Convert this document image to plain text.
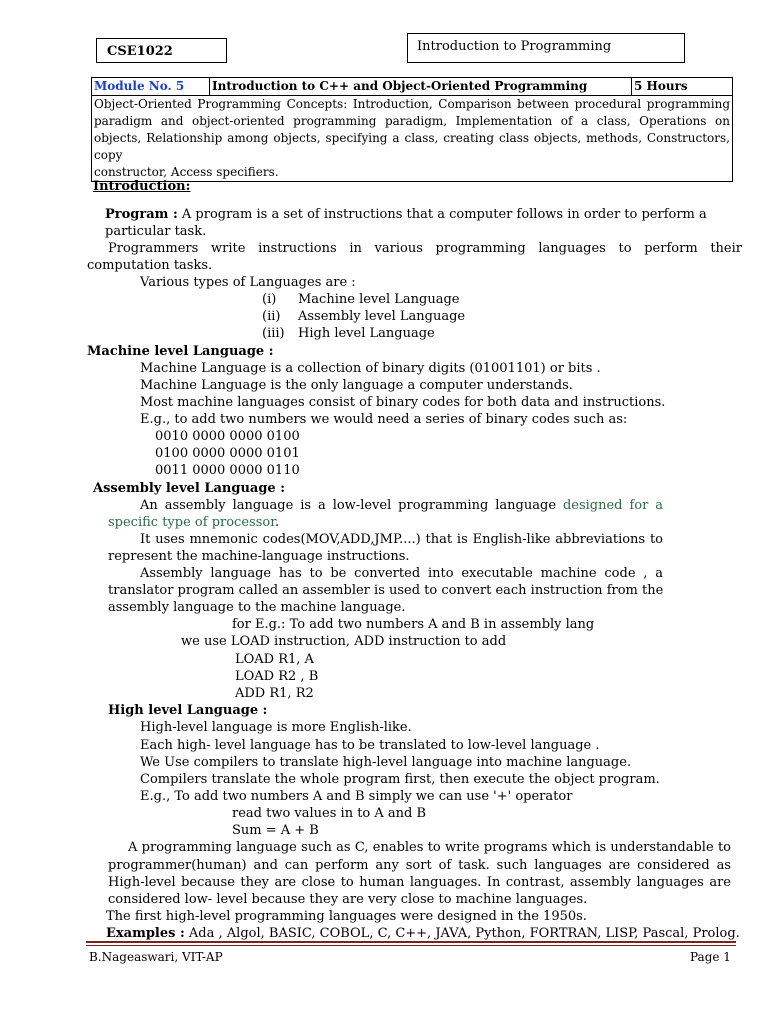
CSE1022	Introduction to Programming
Module No. 5	Introduction to C++ and Object-Oriented Programming	5 Hours
Object-Oriented Programming Concepts: Introduction, Comparison between procedural programming paradigm and object-oriented programming paradigm, Implementation of a class, Operations on objects, Relationship among objects, specifying a class, creating class objects, methods, Constructors, copy
constructor, Access specifiers.
Introduction:
Program : A program is a set of instructions that a computer follows in order to perform a
particular task.
Programmers write instructions in various programming languages to perform their
computation tasks.
Various types of Languages are :
(i) Machine level Language
(ii) Assembly level Language
(iii) High level Language
Machine level Language :
Machine Language is a collection of binary digits (01001101) or bits .
Machine Language is the only language a computer understands.
Most machine languages consist of binary codes for both data and instructions.
E.g., to add two numbers we would need a series of binary codes such as:
0010 0000 0000 0100
0100 0000 0000 0101
0011 0000 0000 0110
Assembly level Language :
An assembly language is a low-level programming language designed for a
specific type of processor.
It uses mnemonic codes(MOV,ADD,JMP....) that is English-like abbreviations to
represent the machine-language instructions.
Assembly language has to be converted into executable machine code , a
translator program called an assembler is used to convert each instruction from the
assembly language to the machine language.
for E.g.: To add two numbers A and B in assembly lang
we use LOAD instruction, ADD instruction to add
LOAD R1, A
LOAD R2 , B
ADD R1, R2
High level Language :
High-level language is more English-like.
Each high- level language has to be translated to low-level language .
We Use compilers to translate high-level language into machine language.
Compilers translate the whole program first, then execute the object program.
E.g., To add two numbers A and B simply we can use '+' operator
read two values in to A and B
Sum = A + B
A programming language such as C, enables to write programs which is understandable to
programmer(human) and can perform any sort of task. such languages are considered as
High-level because they are close to human languages. In contrast, assembly languages are
considered low- level because they are very close to machine languages.
The first high-level programming languages were designed in the 1950s.
Examples : Ada , Algol, BASIC, COBOL, C, C++, JAVA, Python, FORTRAN, LISP, Pascal, Prolog.
B.Nageaswari, VIT-AP	Page 1
